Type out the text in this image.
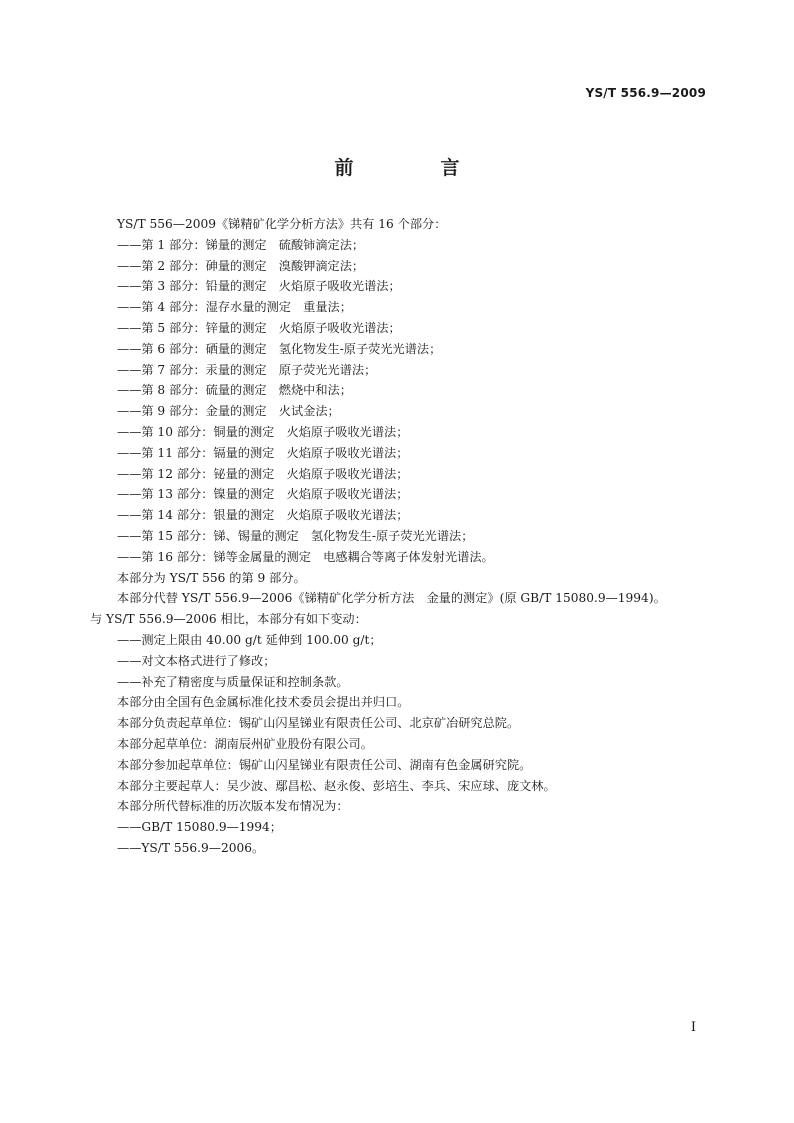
YS/T 556.9—2009
前　言
YS/T 556—2009《锑精矿化学分析方法》共有 16 个部分：
——第 1 部分：锑量的测定　硫酸铈滴定法；
——第 2 部分：砷量的测定　溴酸钾滴定法；
——第 3 部分：铅量的测定　火焰原子吸收光谱法；
——第 4 部分：湿存水量的测定　重量法；
——第 5 部分：锌量的测定　火焰原子吸收光谱法；
——第 6 部分：硒量的测定　氢化物发生-原子荧光光谱法；
——第 7 部分：汞量的测定　原子荧光光谱法；
——第 8 部分：硫量的测定　燃烧中和法；
——第 9 部分：金量的测定　火试金法；
——第 10 部分：铜量的测定　火焰原子吸收光谱法；
——第 11 部分：镉量的测定　火焰原子吸收光谱法；
——第 12 部分：铋量的测定　火焰原子吸收光谱法；
——第 13 部分：镍量的测定　火焰原子吸收光谱法；
——第 14 部分：银量的测定　火焰原子吸收光谱法；
——第 15 部分：锑、锡量的测定　氢化物发生-原子荧光光谱法；
——第 16 部分：锑等金属量的测定　电感耦合等离子体发射光谱法。
本部分为 YS/T 556 的第 9 部分。
本部分代替 YS/T 556.9—2006《锑精矿化学分析方法　金量的测定》(原 GB/T 15080.9—1994)。
与 YS/T 556.9—2006 相比，本部分有如下变动：
——测定上限由 40.00 g/t 延伸到 100.00 g/t；
——对文本格式进行了修改；
——补充了精密度与质量保证和控制条款。
本部分由全国有色金属标准化技术委员会提出并归口。
本部分负责起草单位：锡矿山闪星锑业有限责任公司、北京矿冶研究总院。
本部分起草单位：湖南辰州矿业股份有限公司。
本部分参加起草单位：锡矿山闪星锑业有限责任公司、湖南有色金属研究院。
本部分主要起草人：吴少波、鄢昌松、赵永俊、彭培生、李兵、宋应球、庞文林。
本部分所代替标准的历次版本发布情况为：
——GB/T 15080.9—1994；
——YS/T 556.9—2006。
I
